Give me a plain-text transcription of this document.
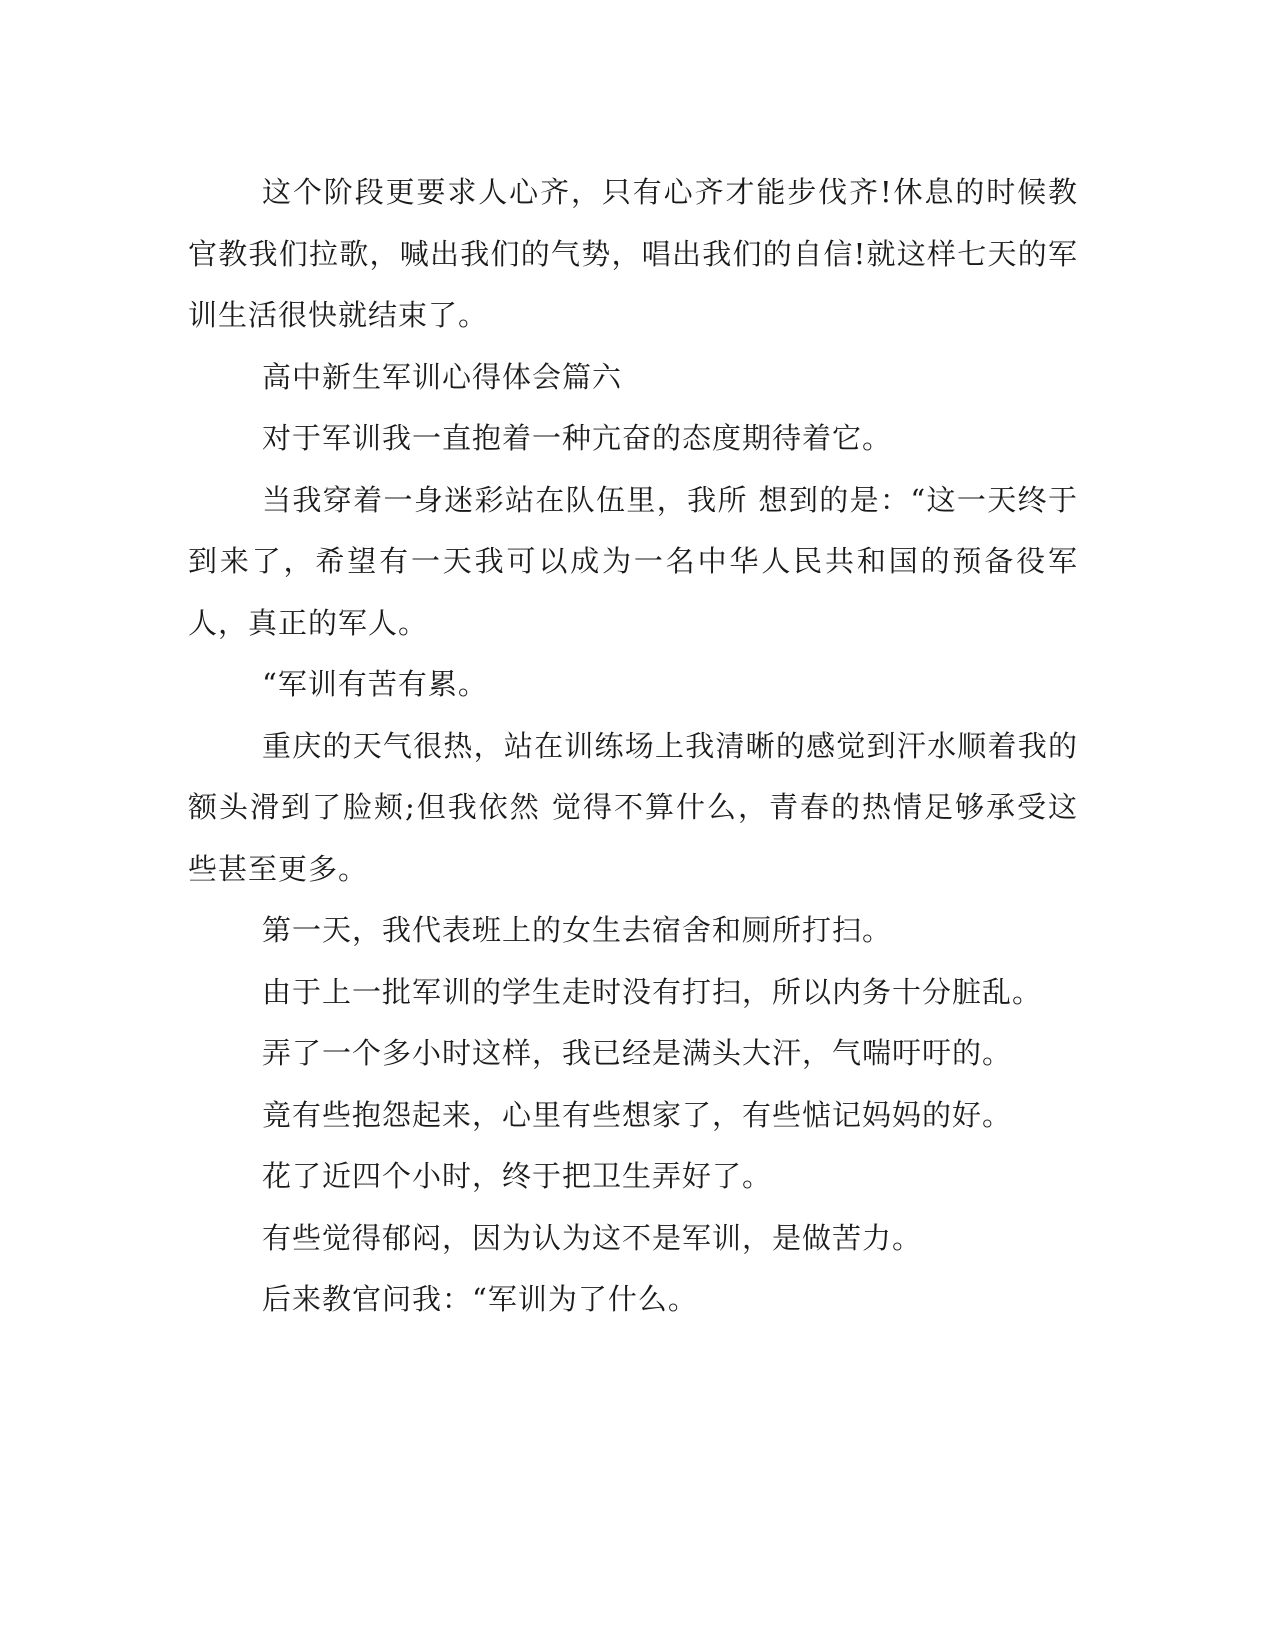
这个阶段更要求人心齐，只有心齐才能步伐齐!休息的时候教官教我们拉歌，喊出我们的气势，唱出我们的自信!就这样七天的军训生活很快就结束了。

高中新生军训心得体会篇六

对于军训我一直抱着一种亢奋的态度期待着它。

当我穿着一身迷彩站在队伍里，我所 想到的是：“这一天终于到来了，希望有一天我可以成为一名中华人民共和国的预备役军人，真正的军人。

“军训有苦有累。

重庆的天气很热，站在训练场上我清晰的感觉到汗水顺着我的额头滑到了脸颊;但我依然 觉得不算什么，青春的热情足够承受这些甚至更多。

第一天，我代表班上的女生去宿舍和厕所打扫。

由于上一批军训的学生走时没有打扫，所以内务十分脏乱。

弄了一个多小时这样，我已经是满头大汗，气喘吁吁的。

竟有些抱怨起来，心里有些想家了，有些惦记妈妈的好。

花了近四个小时，终于把卫生弄好了。

有些觉得郁闷，因为认为这不是军训，是做苦力。

后来教官问我：“军训为了什么。
